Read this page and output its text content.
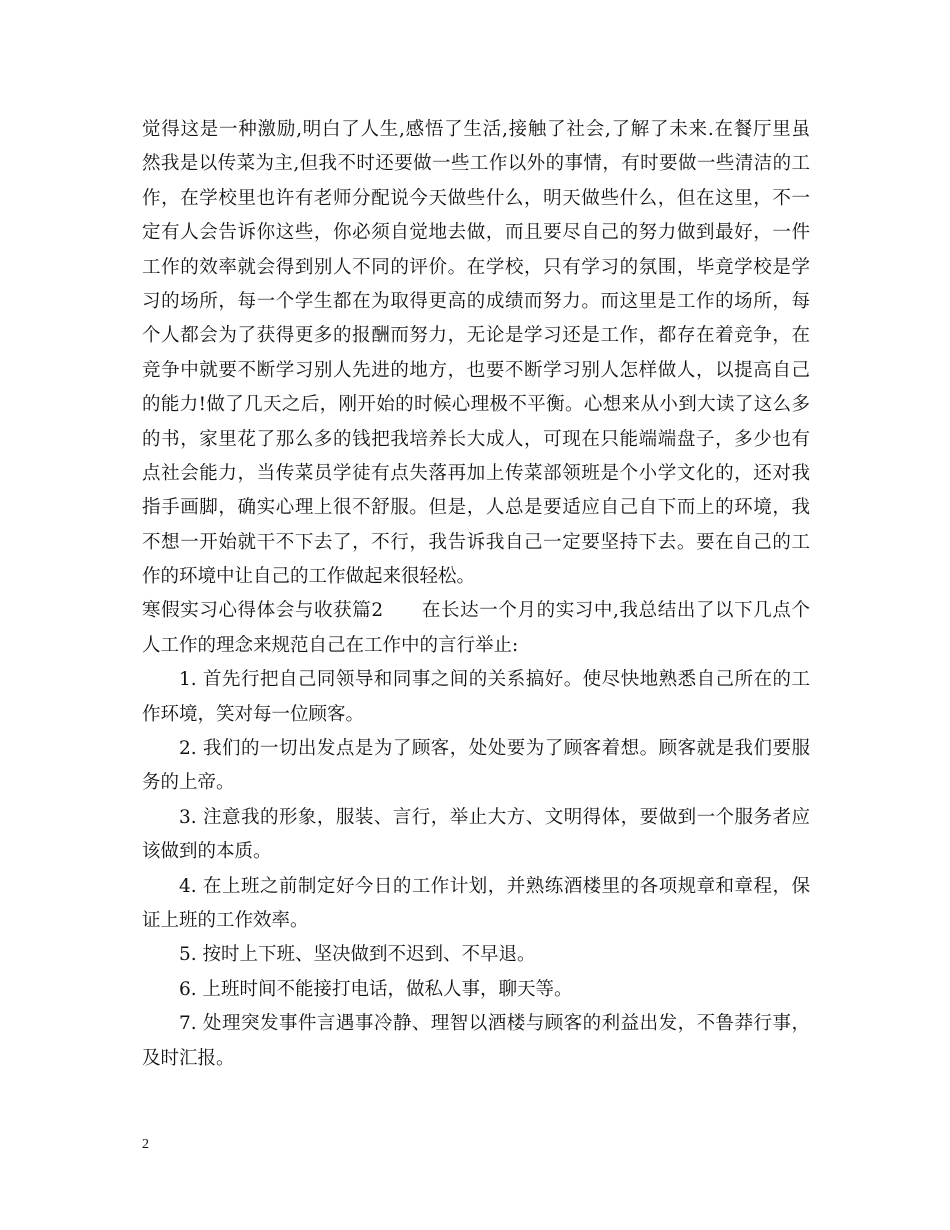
觉得这是一种激励,明白了人生,感悟了生活,接触了社会,了解了未来.在餐厅里虽
然我是以传菜为主,但我不时还要做一些工作以外的事情，有时要做一些清洁的工
作，在学校里也许有老师分配说今天做些什么，明天做些什么，但在这里，不一
定有人会告诉你这些，你必须自觉地去做，而且要尽自己的努力做到最好，一件
工作的效率就会得到别人不同的评价。在学校，只有学习的氛围，毕竟学校是学
习的场所，每一个学生都在为取得更高的成绩而努力。而这里是工作的场所，每
个人都会为了获得更多的报酬而努力，无论是学习还是工作，都存在着竞争，在
竞争中就要不断学习别人先进的地方，也要不断学习别人怎样做人，以提高自己
的能力!做了几天之后，刚开始的时候心理极不平衡。心想来从小到大读了这么多
的书，家里花了那么多的钱把我培养长大成人，可现在只能端端盘子，多少也有
点社会能力，当传菜员学徒有点失落再加上传菜部领班是个小学文化的，还对我
指手画脚，确实心理上很不舒服。但是，人总是要适应自己自下而上的环境，我
不想一开始就干不下去了，不行，我告诉我自己一定要坚持下去。要在自己的工
作的环境中让自己的工作做起来很轻松。
寒假实习心得体会与收获篇2　　在长达一个月的实习中,我总结出了以下几点个
人工作的理念来规范自己在工作中的言行举止:
1. 首先行把自己同领导和同事之间的关系搞好。使尽快地熟悉自己所在的工
作环境，笑对每一位顾客。
2. 我们的一切出发点是为了顾客，处处要为了顾客着想。顾客就是我们要服
务的上帝。
3. 注意我的形象，服装、言行，举止大方、文明得体，要做到一个服务者应
该做到的本质。
4. 在上班之前制定好今日的工作计划，并熟练酒楼里的各项规章和章程，保
证上班的工作效率。
5. 按时上下班、坚决做到不迟到、不早退。
6. 上班时间不能接打电话，做私人事，聊天等。
7. 处理突发事件言遇事冷静、理智以酒楼与顾客的利益出发，不鲁莽行事，
及时汇报。
2
